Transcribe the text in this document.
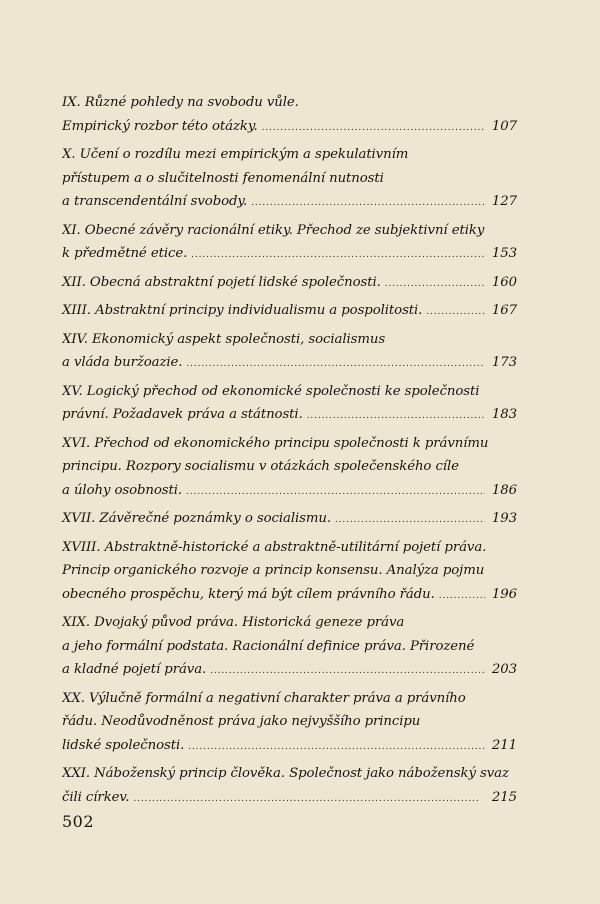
IX. Různé pohledy na svobodu vůle.
Empirický rozbor této otázky. . . .	107
X. Učení o rozdílu mezi empirickým a spekulativním
přístupem a o slučitelnosti fenomenální nutnosti
a transcendentální svobody. . . .	127
XI. Obecné závěry racionální etiky. Přechod ze subjektivní etiky
k předmětné etice. . . .	153
XII. Obecná abstraktní pojetí lidské společnosti. . . .	160
XIII. Abstraktní principy individualismu a pospolitosti. . . .	167
XIV. Ekonomický aspekt společnosti, socialismus
a vláda buržoazie. . . .	173
XV. Logický přechod od ekonomické společnosti ke společnosti
právní. Požadavek práva a státnosti. . . .	183
XVI. Přechod od ekonomického principu společnosti k právnímu
principu. Rozpory socialismu v otázkách společenského cíle
a úlohy osobnosti. . . .	186
XVII. Závěrečné poznámky o socialismu. . . .	193
XVIII. Abstraktně-historické a abstraktně-utilitární pojetí práva.
Princip organického rozvoje a princip konsensu. Analýza pojmu
obecného prospěchu, který má být cílem právního řádu. . . .	196
XIX. Dvojaký původ práva. Historická geneze práva
a jeho formální podstata. Racionální definice práva. Přirozené
a kladné pojetí práva. . . .	203
XX. Výlučně formální a negativní charakter práva a právního
řádu. Neodůvodněnost práva jako nejvyššího principu
lidské společnosti. . . .	211
XXI. Náboženský princip člověka. Společnost jako náboženský svaz
čili církev. . . .	215
502
